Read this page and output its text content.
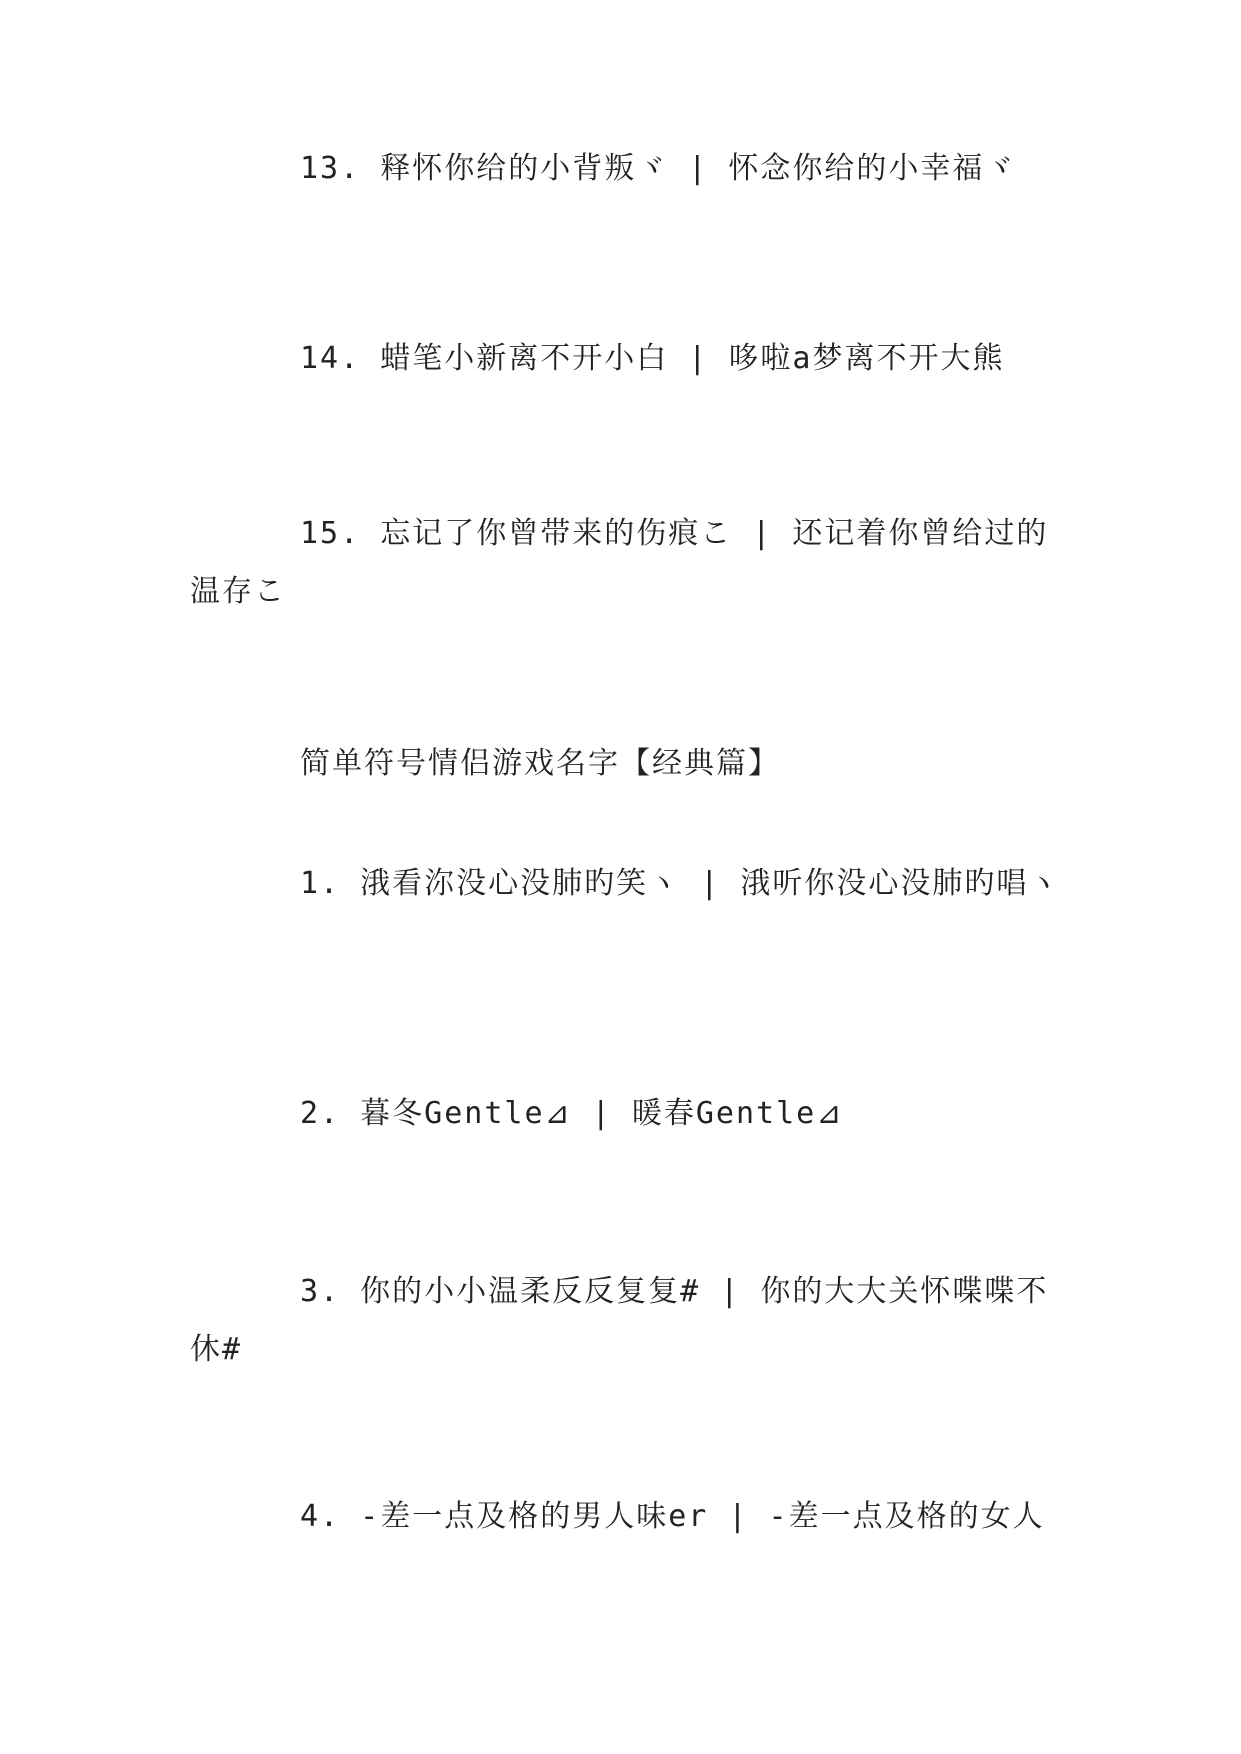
13. 释怀你给的小背叛ヾ | 怀念你给的小幸福ヾ

14. 蜡笔小新离不开小白 | 哆啦a梦离不开大熊

15. 忘记了你曾带来的伤痕こ | 还记着你曾给过的温存こ

简单符号情侣游戏名字【经典篇】

1. 涐看沵没心没肺旳笑ヽ | 涐听你没心没肺旳唱ヽ

2. 暮冬Gentle⊿ | 暖春Gentle⊿

3. 你的小小温柔反反复复# | 你的大大关怀喋喋不休#

4. -差一点及格的男人味er | -差一点及格的女人
